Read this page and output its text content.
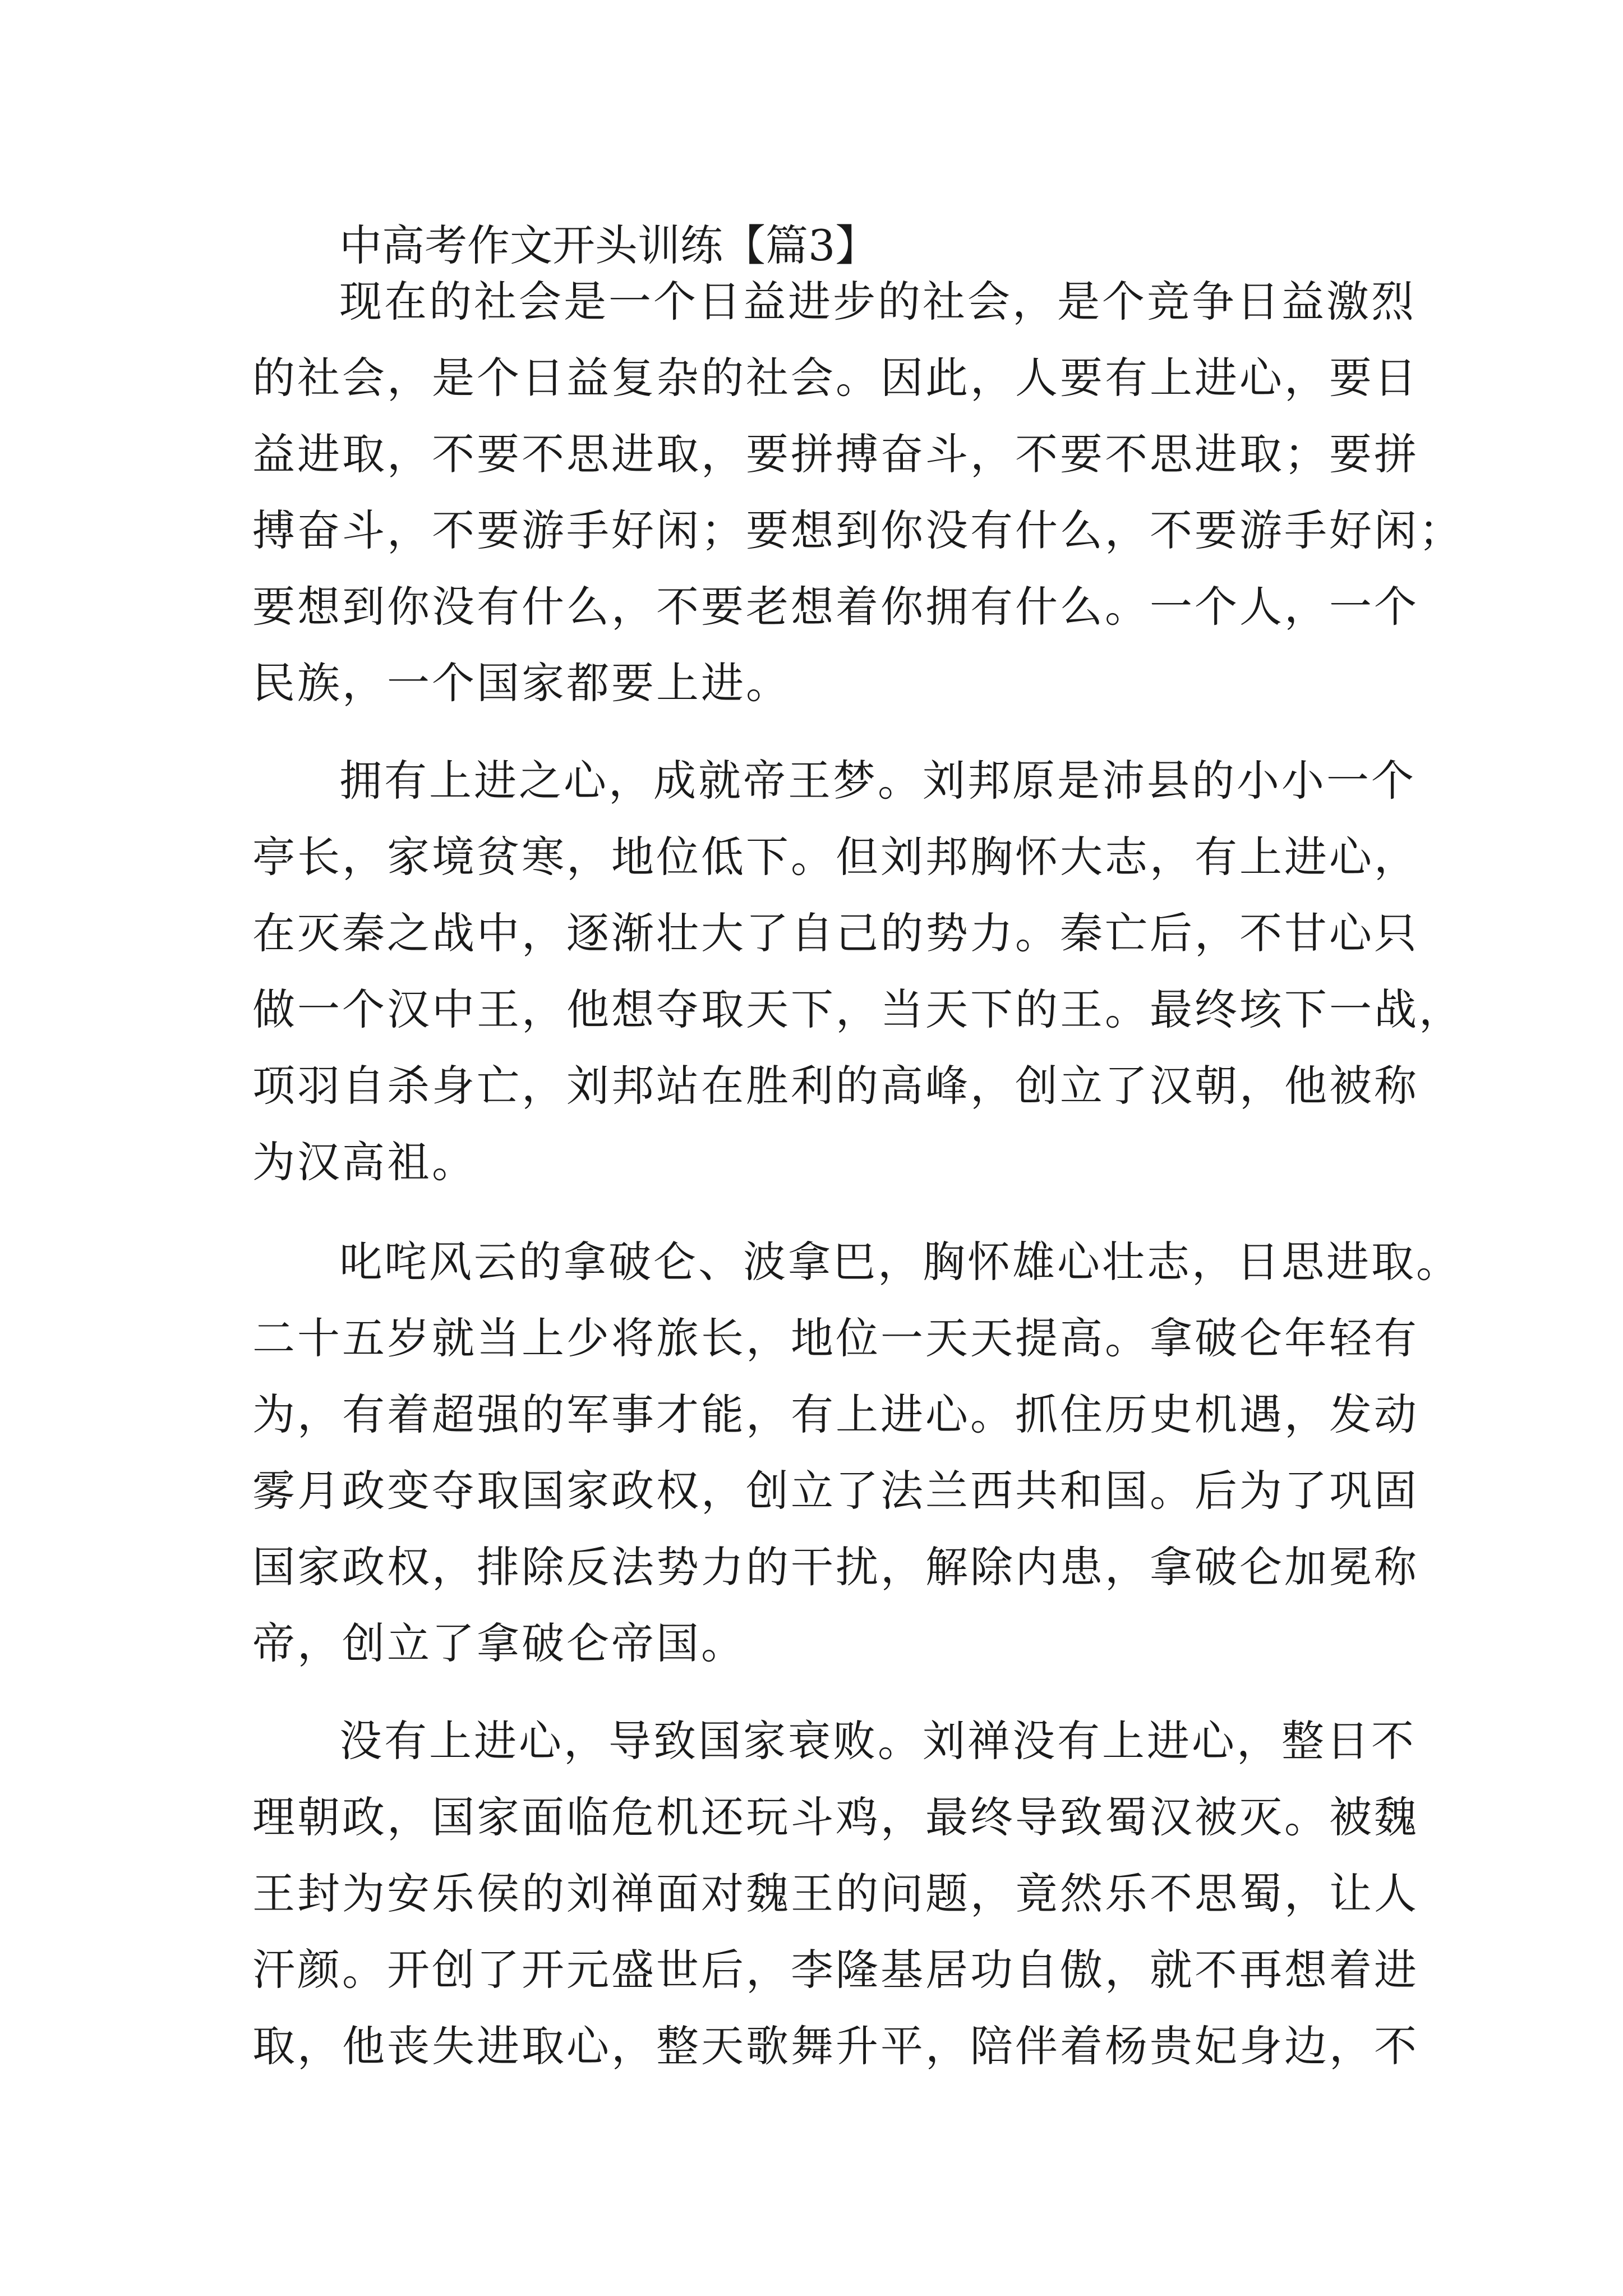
中高考作文开头训练【篇3】
现在的社会是一个日益进步的社会，是个竞争日益激烈
的社会，是个日益复杂的社会。因此，人要有上进心，要日
益进取，不要不思进取，要拼搏奋斗，不要不思进取；要拼
搏奋斗，不要游手好闲；要想到你没有什么，不要游手好闲；
要想到你没有什么，不要老想着你拥有什么。一个人，一个
民族，一个国家都要上进。
拥有上进之心，成就帝王梦。刘邦原是沛县的小小一个
亭长，家境贫寒，地位低下。但刘邦胸怀大志，有上进心，
在灭秦之战中，逐渐壮大了自己的势力。秦亡后，不甘心只
做一个汉中王，他想夺取天下，当天下的王。最终垓下一战，
项羽自杀身亡，刘邦站在胜利的高峰，创立了汉朝，他被称
为汉高祖。
叱咤风云的拿破仑、波拿巴，胸怀雄心壮志，日思进取。
二十五岁就当上少将旅长，地位一天天提高。拿破仑年轻有
为，有着超强的军事才能，有上进心。抓住历史机遇，发动
雾月政变夺取国家政权，创立了法兰西共和国。后为了巩固
国家政权，排除反法势力的干扰，解除内患，拿破仑加冕称
帝，创立了拿破仑帝国。
没有上进心，导致国家衰败。刘禅没有上进心，整日不
理朝政，国家面临危机还玩斗鸡，最终导致蜀汉被灭。被魏
王封为安乐侯的刘禅面对魏王的问题，竟然乐不思蜀，让人
汗颜。开创了开元盛世后，李隆基居功自傲，就不再想着进
取，他丧失进取心，整天歌舞升平，陪伴着杨贵妃身边，不
